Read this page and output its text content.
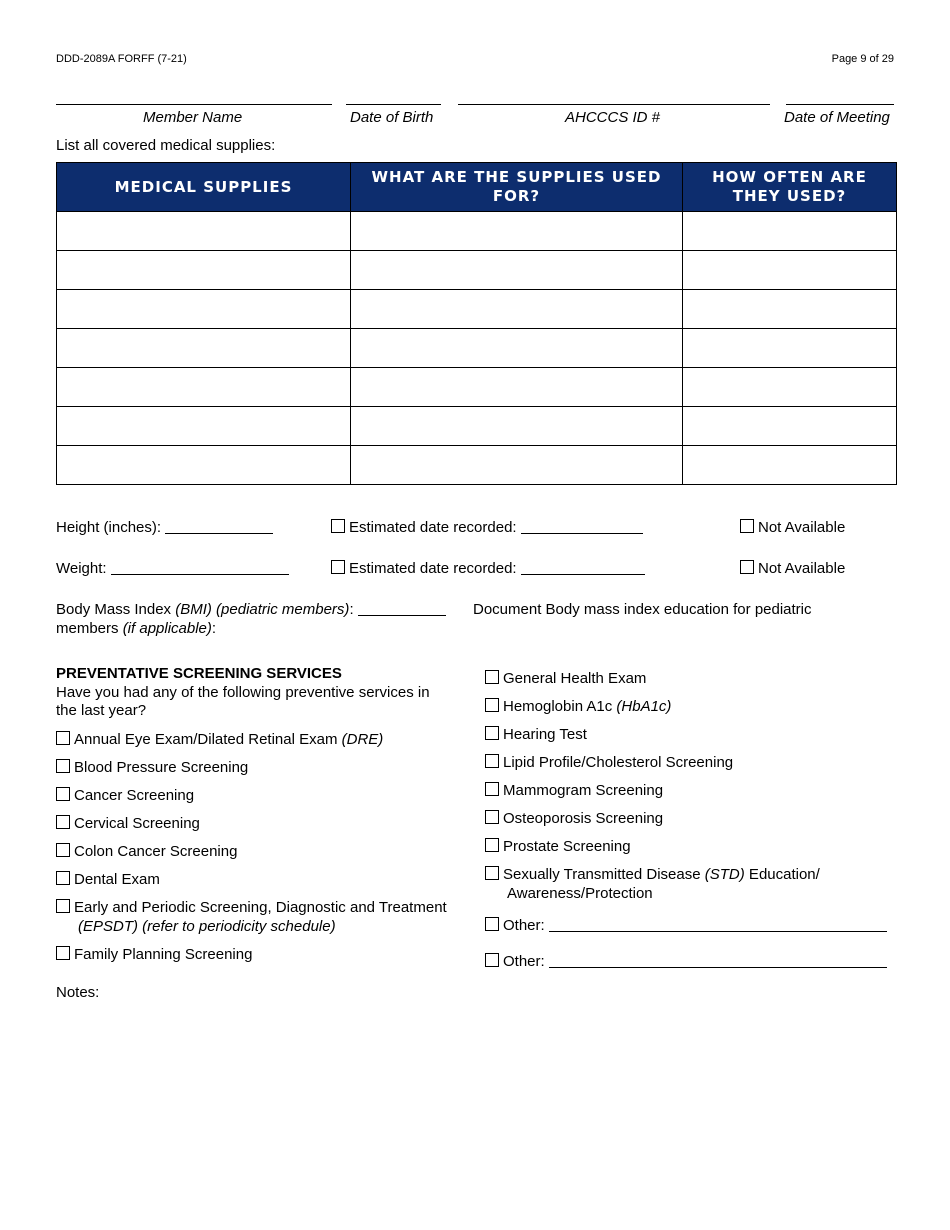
DDD-2089A FORFF (7-21)	Page 9 of 29
Member Name	Date of Birth	AHCCCS ID #	Date of Meeting
List all covered medical supplies:
MEDICAL SUPPLIES	WHAT ARE THE SUPPLIES USED FOR?	HOW OFTEN ARE THEY USED?

Height (inches):	Estimated date recorded:	Not Available
Weight:	Estimated date recorded:	Not Available
Body Mass Index (BMI) (pediatric members):	Document Body mass index education for pediatric
members (if applicable):
PREVENTATIVE SCREENING SERVICES
Have you had any of the following preventive services in
the last year?
Annual Eye Exam/Dilated Retinal Exam (DRE)
Blood Pressure Screening
Cancer Screening
Cervical Screening
Colon Cancer Screening
Dental Exam
Early and Periodic Screening, Diagnostic and Treatment
(EPSDT) (refer to periodicity schedule)
Family Planning Screening
General Health Exam
Hemoglobin A1c (HbA1c)
Hearing Test
Lipid Profile/Cholesterol Screening
Mammogram Screening
Osteoporosis Screening
Prostate Screening
Sexually Transmitted Disease (STD) Education/
Awareness/Protection
Other:
Other:
Notes:
